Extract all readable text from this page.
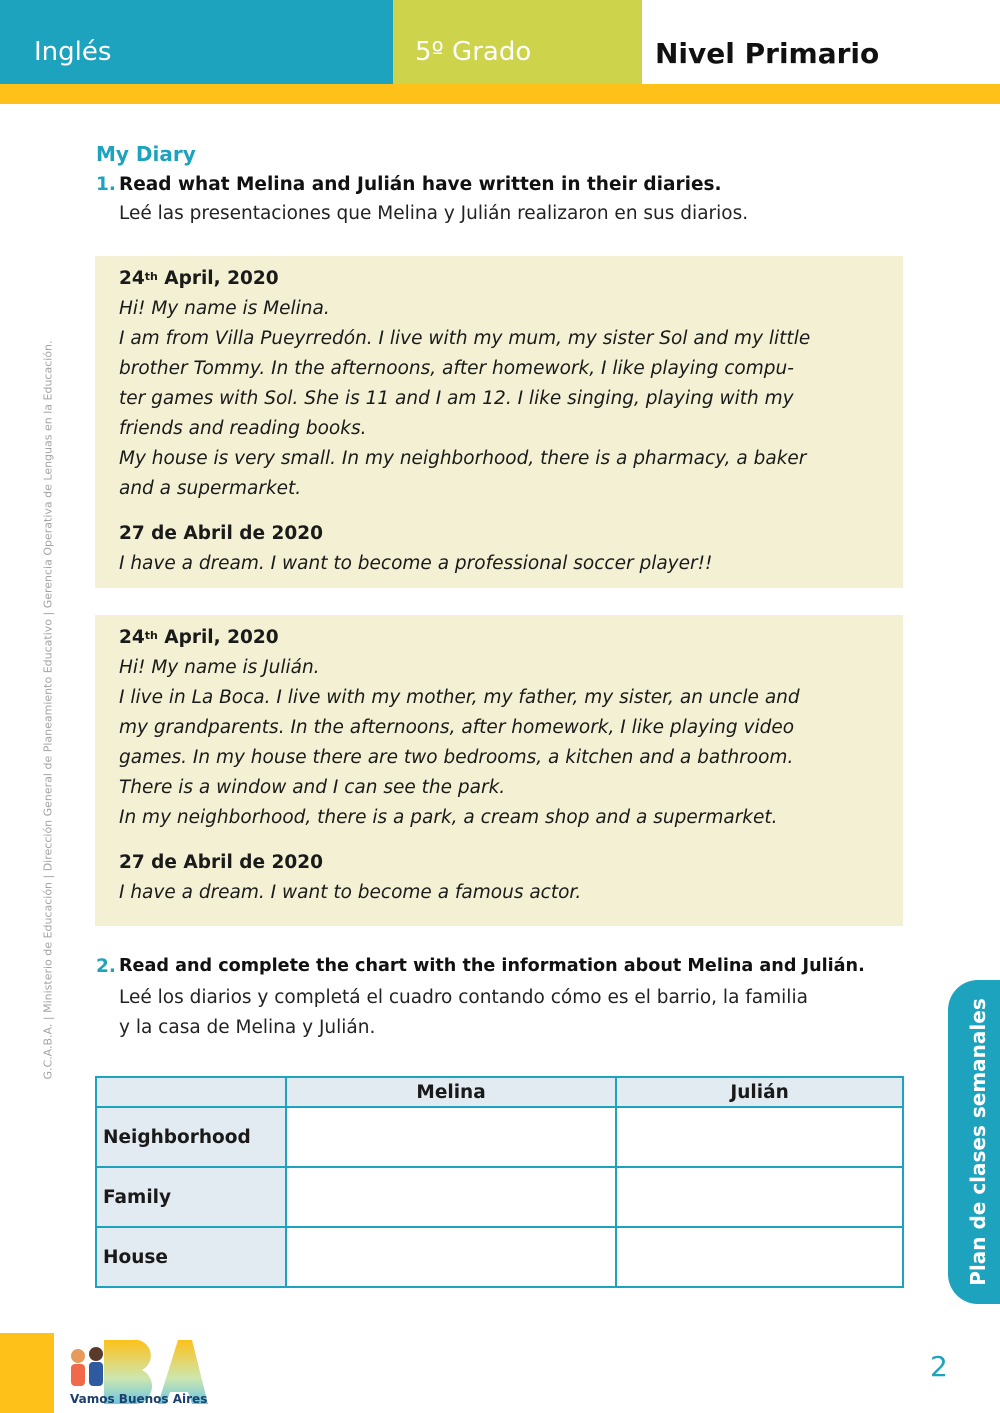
Inglés	5º Grado	Nivel Primario
G.C.A.B.A. | Ministerio de Educación | Dirección General de Planeamiento Educativo | Gerencia Operativa de Lenguas en la Educación.
My Diary
1. Read what Melina and Julián have written in their diaries.
Leé las presentaciones que Melina y Julián realizaron en sus diarios.
24th April, 2020
Hi! My name is Melina.
I am from Villa Pueyrredón. I live with my mum, my sister Sol and my little
brother Tommy. In the afternoons, after homework, I like playing compu-
ter games with Sol. She is 11 and I am 12. I like singing, playing with my
friends and reading books.
My house is very small. In my neighborhood, there is a pharmacy, a baker
and a supermarket.
27 de Abril de 2020
I have a dream. I want to become a professional soccer player!!
24th April, 2020
Hi! My name is Julián.
I live in La Boca. I live with my mother, my father, my sister, an uncle and
my grandparents. In the afternoons, after homework, I like playing video
games. In my house there are two bedrooms, a kitchen and a bathroom.
There is a window and I can see the park.
In my neighborhood, there is a park, a cream shop and a supermarket.
27 de Abril de 2020
I have a dream. I want to become a famous actor.
2. Read and complete the chart with the information about Melina and Julián.
Leé los diarios y completá el cuadro contando cómo es el barrio, la familia
y la casa de Melina y Julián.
	Melina	Julián
Neighborhood		
Family		
House		
Vamos Buenos Aires
2
Plan de clases semanales
